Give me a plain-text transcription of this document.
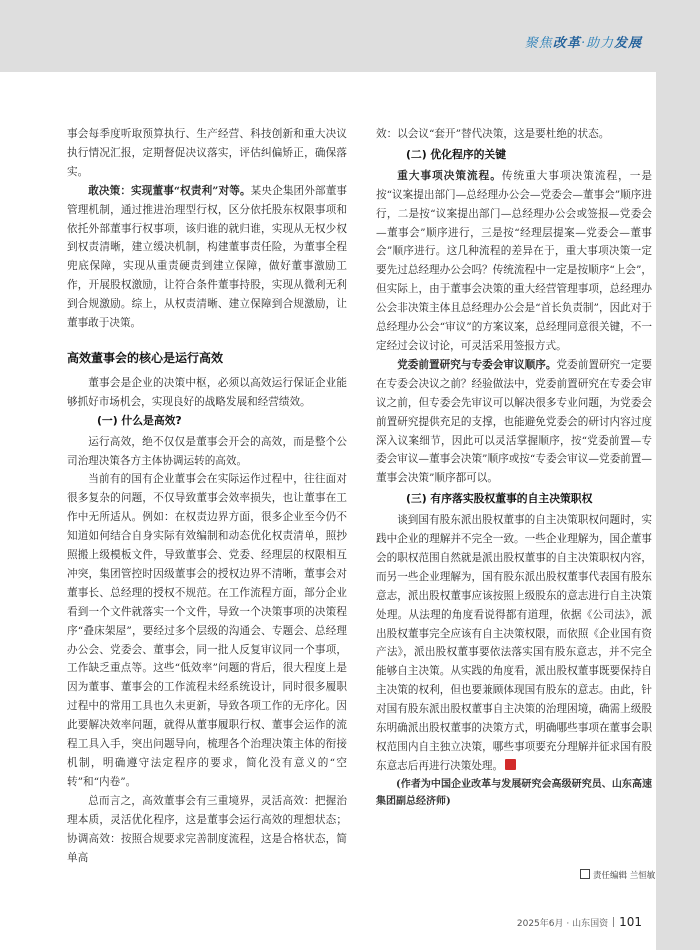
聚焦改革·助力发展

事会每季度听取预算执行、生产经营、科技创新和重大决议执行情况汇报，定期督促决议落实，评估纠偏矫正，确保落实。

敢决策：实现董事“权责利”对等。某央企集团外部董事管理机制，通过推进治理型行权，区分依托股东权限事项和依托外部董事行权事项，该归谁的就归谁，实现从无权少权到权责清晰，建立缓决机制，构建董事责任险，为董事全程兜底保障，实现从重责硬责到建立保障，做好董事激励工作，开展股权激励，让符合条件董事持股，实现从微利无利到合规激励。综上，从权责清晰、建立保障到合规激励，让董事敢于决策。

高效董事会的核心是运行高效

董事会是企业的决策中枢，必须以高效运行保证企业能够抓好市场机会，实现良好的战略发展和经营绩效。

(一) 什么是高效?

运行高效，绝不仅仅是董事会开会的高效，而是整个公司治理决策各方主体协调运转的高效。

当前有的国有企业董事会在实际运作过程中，往往面对很多复杂的问题，不仅导致董事会效率损失，也让董事在工作中无所适从。例如：在权责边界方面，很多企业至今仍不知道如何结合自身实际有效编制和动态优化权责清单，照抄照搬上级模板文件，导致董事会、党委、经理层的权限相互冲突，集团管控时因级董事会的授权边界不清晰，董事会对董事长、总经理的授权不规范。在工作流程方面，部分企业看到一个文件就落实一个文件，导致一个决策事项的决策程序“叠床架屋”，要经过多个层级的沟通会、专题会、总经理办公会、党委会、董事会，同一批人反复审议同一个事项，工作缺乏重点等。这些“低效率”问题的背后，很大程度上是因为董事、董事会的工作流程未经系统设计，同时很多履职过程中的常用工具也久未更新，导致各项工作的无序化。因此要解决效率问题，就得从董事履职行权、董事会运作的流程工具入手，突出问题导向，梳理各个治理决策主体的衔接机制，明确遵守法定程序的要求，简化没有意义的“空转”和“内卷”。

总而言之，高效董事会有三重境界，灵活高效：把握治理本质，灵活优化程序，这是董事会运行高效的理想状态；协调高效：按照合规要求完善制度流程，这是合格状态，简单高

效：以会议“套开”替代决策，这是要杜绝的状态。

(二) 优化程序的关键

重大事项决策流程。传统重大事项决策流程，一是按“议案提出部门—总经理办公会—党委会—董事会”顺序进行，二是按“议案提出部门—总经理办公会或签报—党委会—董事会”顺序进行，三是按“经理层提案—党委会—董事会”顺序进行。这几种流程的差异在于，重大事项决策一定要先过总经理办公会吗？传统流程中一定是按顺序“上会”，但实际上，由于董事会决策的重大经营管理事项，总经理办公会非决策主体且总经理办公会是“首长负责制”，因此对于总经理办公会“审议”的方案议案，总经理同意很关键，不一定经过会议讨论，可灵活采用签报方式。

党委前置研究与专委会审议顺序。党委前置研究一定要在专委会决议之前？经验做法中，党委前置研究在专委会审议之前，但专委会先审议可以解决很多专业问题，为党委会前置研究提供充足的支撑，也能避免党委会的研讨内容过度深入议案细节，因此可以灵活掌握顺序，按“党委前置—专委会审议—董事会决策”顺序或按“专委会审议—党委前置—董事会决策”顺序都可以。

(三) 有序落实股权董事的自主决策职权

谈到国有股东派出股权董事的自主决策职权问题时，实践中企业的理解并不完全一致。一些企业理解为，国企董事会的职权范围自然就是派出股权董事的自主决策职权内容，而另一些企业理解为，国有股东派出股权董事代表国有股东意志，派出股权董事应该按照上级股东的意志进行自主决策处理。从法理的角度看说得都有道理，依据《公司法》，派出股权董事完全应该有自主决策权限，而依照《企业国有资产法》，派出股权董事要依法落实国有股东意志，并不完全能够自主决策。从实践的角度看，派出股权董事既要保持自主决策的权利，但也要兼顾体现国有股东的意志。由此，针对国有股东派出股权董事自主决策的治理困境，确需上级股东明确派出股权董事的决策方式，明确哪些事项在董事会职权范围内自主独立决策，哪些事项要充分理解并征求国有股东意志后再进行决策处理。

(作者为中国企业改革与发展研究会高级研究员、山东高速集团副总经济师)

责任编辑 兰恒敏
2025年6月 · 山东国资 101
